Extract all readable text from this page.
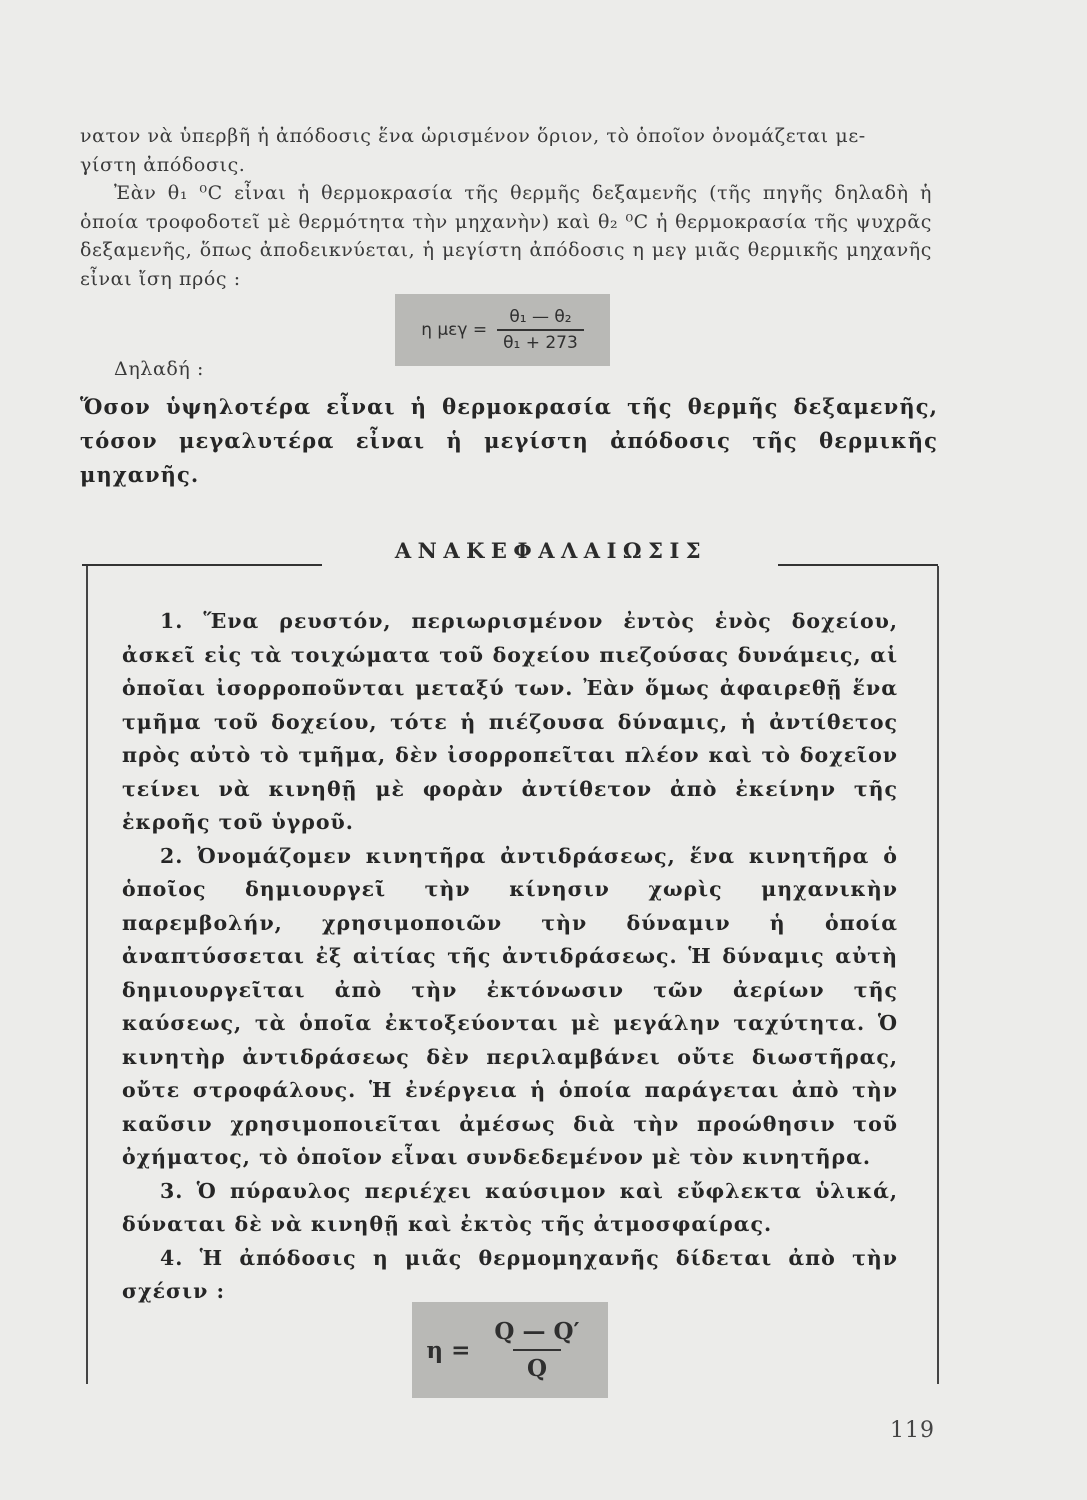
νατον νὰ ὑπερβῆ ἡ ἀπόδοσις ἕνα ὡρισμένον ὅριον, τὸ ὁποῖον ὀνομάζεται με-

γίστη ἀπόδοσις.

Ἐὰν θ₁ ⁰C εἶναι ἡ θερμοκρασία τῆς θερμῆς δεξαμενῆς (τῆς πηγῆς δηλαδὴ ἡ ὁποία τροφοδοτεῖ μὲ θερμότητα τὴν μηχανὴν) καὶ θ₂ ⁰C ἡ θερμοκρασία τῆς ψυχρᾶς δεξαμενῆς, ὅπως ἀποδεικνύεται, ἡ μεγίστη ἀπόδοσις η μεγ μιᾶς θερμικῆς μηχανῆς εἶναι ἴση πρός :

η $\mu\varepsilon\gamma = \frac{\text{θ₁ — θ₂}}{\text{θ₁ + 273}}$
Δηλαδή :

Ὅσον ὑψηλοτέρα εἶναι ἡ θερμοκρασία τῆς θερμῆς δεξαμενῆς, τόσον μεγαλυτέρα εἶναι ἡ μεγίστη ἀπόδοσις τῆς θερμικῆς μηχανῆς.

ΑΝΑΚΕΦΑΛΑΙΩΣΙΣ

1. Ἕνα ρευστόν, περιωρισμένον ἐντὸς ἑνὸς δοχείου, ἀσκεῖ εἰς τὰ τοιχώματα τοῦ δοχείου πιεζούσας δυνάμεις, αἱ ὁποῖαι ἰσορροποῦνται μεταξύ των. Ἐὰν ὅμως ἀφαιρεθῇ ἕνα τμῆμα τοῦ δοχείου, τότε ἡ πιέζουσα δύναμις, ἡ ἀντίθετος πρὸς αὐτὸ τὸ τμῆμα, δὲν ἰσορροπεῖται πλέον καὶ τὸ δοχεῖον τείνει νὰ κινηθῇ μὲ φορὰν ἀντίθετον ἀπὸ ἐκείνην τῆς ἐκροῆς τοῦ ὑγροῦ.

2. Ὀνομάζομεν κινητῆρα ἀντιδράσεως, ἕνα κινητῆρα ὁ ὁποῖος δημιουργεῖ τὴν κίνησιν χωρὶς μηχανικὴν παρεμβολήν, χρησιμοποιῶν τὴν δύναμιν ἡ ὁποία ἀναπτύσσεται ἐξ αἰτίας τῆς ἀντιδράσεως. Ἡ δύναμις αὐτὴ δημιουργεῖται ἀπὸ τὴν ἐκτόνωσιν τῶν ἀερίων τῆς καύσεως, τὰ ὁποῖα ἐκτοξεύονται μὲ μεγάλην ταχύτητα. Ὁ κινητὴρ ἀντιδράσεως δὲν περιλαμβάνει οὔτε διωστῆρας, οὔτε στροφάλους. Ἡ ἐνέργεια ἡ ὁποία παράγεται ἀπὸ τὴν καῦσιν χρησιμοποιεῖται ἀμέσως διὰ τὴν προώθησιν τοῦ ὀχήματος, τὸ ὁποῖον εἶναι συνδεδεμένον μὲ τὸν κινητῆρα.

3. Ὁ πύραυλος περιέχει καύσιμον καὶ εὔφλεκτα ὑλικά, δύναται δὲ νὰ κινηθῇ καὶ ἐκτὸς τῆς ἀτμοσφαίρας.

4. Ἡ ἀπόδοσις η μιᾶς θερμομηχανῆς δίδεται ἀπὸ τὴν σχέσιν :

$\eta = \frac{Q — Q'}{Q}$
119
